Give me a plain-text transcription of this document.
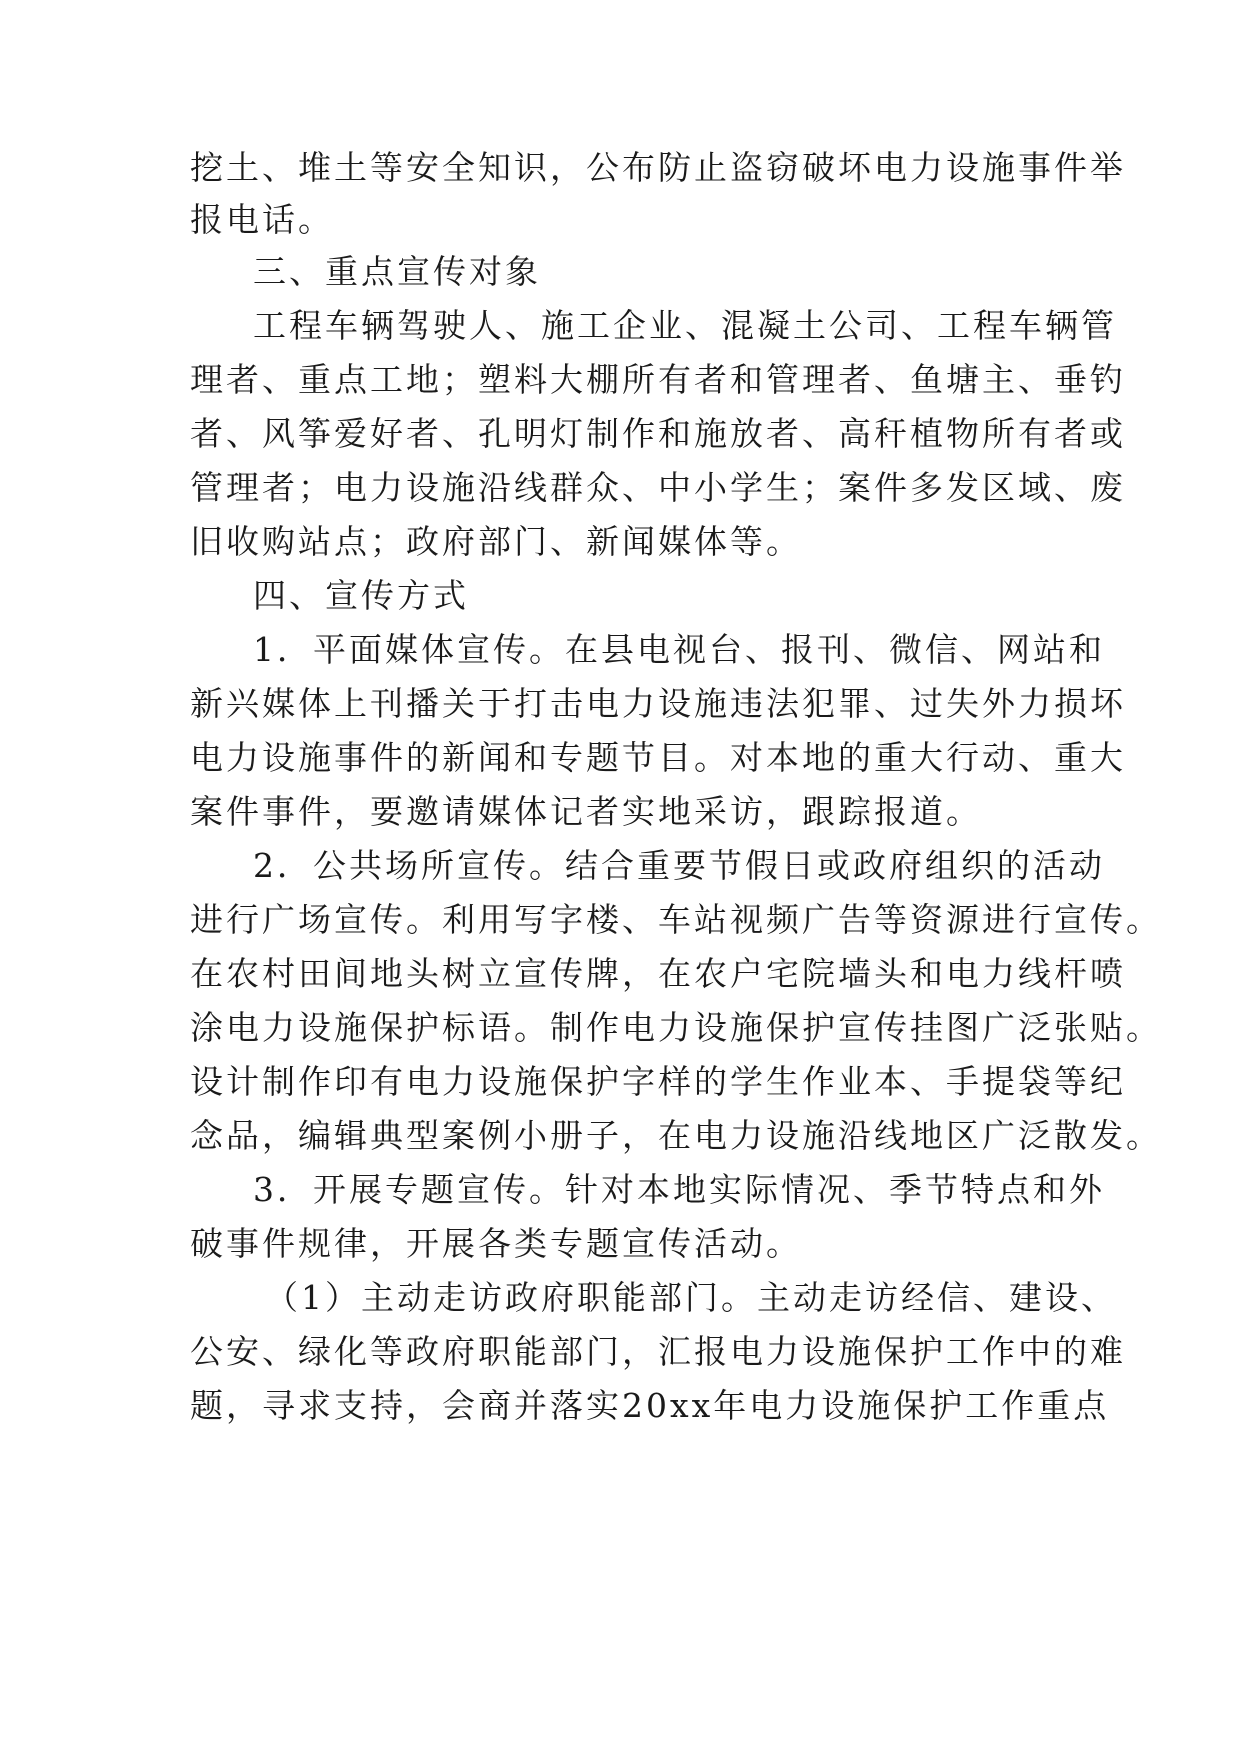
挖土、堆土等安全知识，公布防止盗窃破坏电力设施事件举
报电话。
三、重点宣传对象
工程车辆驾驶人、施工企业、混凝土公司、工程车辆管
理者、重点工地；塑料大棚所有者和管理者、鱼塘主、垂钓
者、风筝爱好者、孔明灯制作和施放者、高秆植物所有者或
管理者；电力设施沿线群众、中小学生；案件多发区域、废
旧收购站点；政府部门、新闻媒体等。
四、宣传方式
1．平面媒体宣传。在县电视台、报刊、微信、网站和
新兴媒体上刊播关于打击电力设施违法犯罪、过失外力损坏
电力设施事件的新闻和专题节目。对本地的重大行动、重大
案件事件，要邀请媒体记者实地采访，跟踪报道。
2．公共场所宣传。结合重要节假日或政府组织的活动
进行广场宣传。利用写字楼、车站视频广告等资源进行宣传。
在农村田间地头树立宣传牌，在农户宅院墙头和电力线杆喷
涂电力设施保护标语。制作电力设施保护宣传挂图广泛张贴。
设计制作印有电力设施保护字样的学生作业本、手提袋等纪
念品，编辑典型案例小册子，在电力设施沿线地区广泛散发。
3．开展专题宣传。针对本地实际情况、季节特点和外
破事件规律，开展各类专题宣传活动。
（1）主动走访政府职能部门。主动走访经信、建设、
公安、绿化等政府职能部门，汇报电力设施保护工作中的难
题，寻求支持，会商并落实20xx年电力设施保护工作重点
